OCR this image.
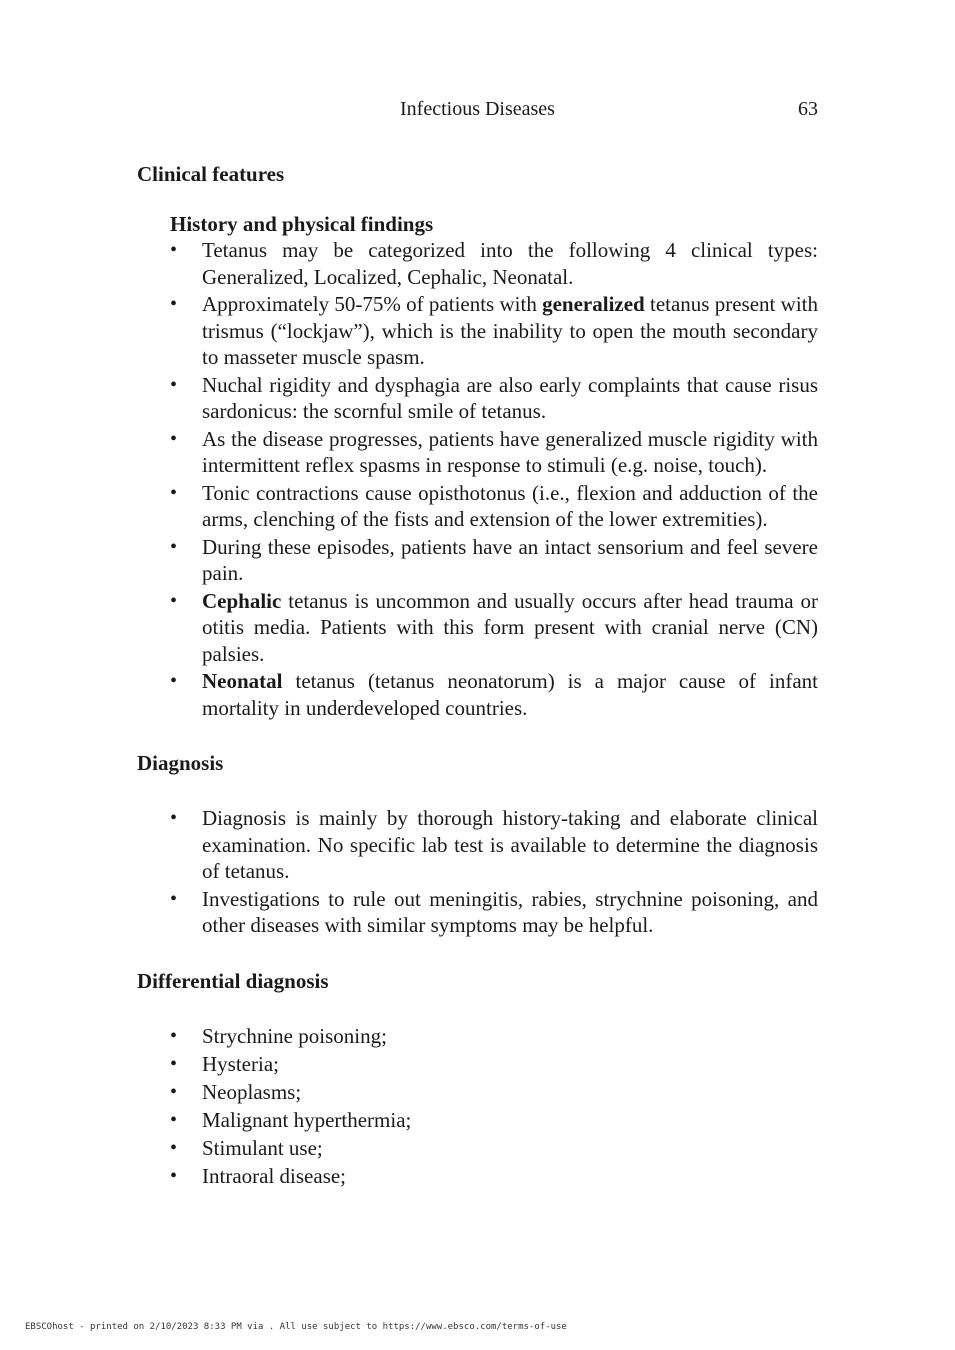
Infectious Diseases	63
Clinical features
History and physical findings
• Tetanus may be categorized into the following 4 clinical types: Generalized, Localized, Cephalic, Neonatal.
• Approximately 50-75% of patients with generalized tetanus present with trismus (“lockjaw”), which is the inability to open the mouth secondary to masseter muscle spasm.
• Nuchal rigidity and dysphagia are also early complaints that cause risus sardonicus: the scornful smile of tetanus.
• As the disease progresses, patients have generalized muscle rigidity with intermittent reflex spasms in response to stimuli (e.g. noise, touch).
• Tonic contractions cause opisthotonus (i.e., flexion and adduction of the arms, clenching of the fists and extension of the lower extremities).
• During these episodes, patients have an intact sensorium and feel severe pain.
• Cephalic tetanus is uncommon and usually occurs after head trauma or otitis media. Patients with this form present with cranial nerve (CN) palsies.
• Neonatal tetanus (tetanus neonatorum) is a major cause of infant mortality in underdeveloped countries.
Diagnosis
• Diagnosis is mainly by thorough history-taking and elaborate clinical examination. No specific lab test is available to determine the diagnosis of tetanus.
• Investigations to rule out meningitis, rabies, strychnine poisoning, and other diseases with similar symptoms may be helpful.
Differential diagnosis
• Strychnine poisoning;
• Hysteria;
• Neoplasms;
• Malignant hyperthermia;
• Stimulant use;
• Intraoral disease;
EBSCOhost - printed on 2/10/2023 8:33 PM via . All use subject to https://www.ebsco.com/terms-of-use
